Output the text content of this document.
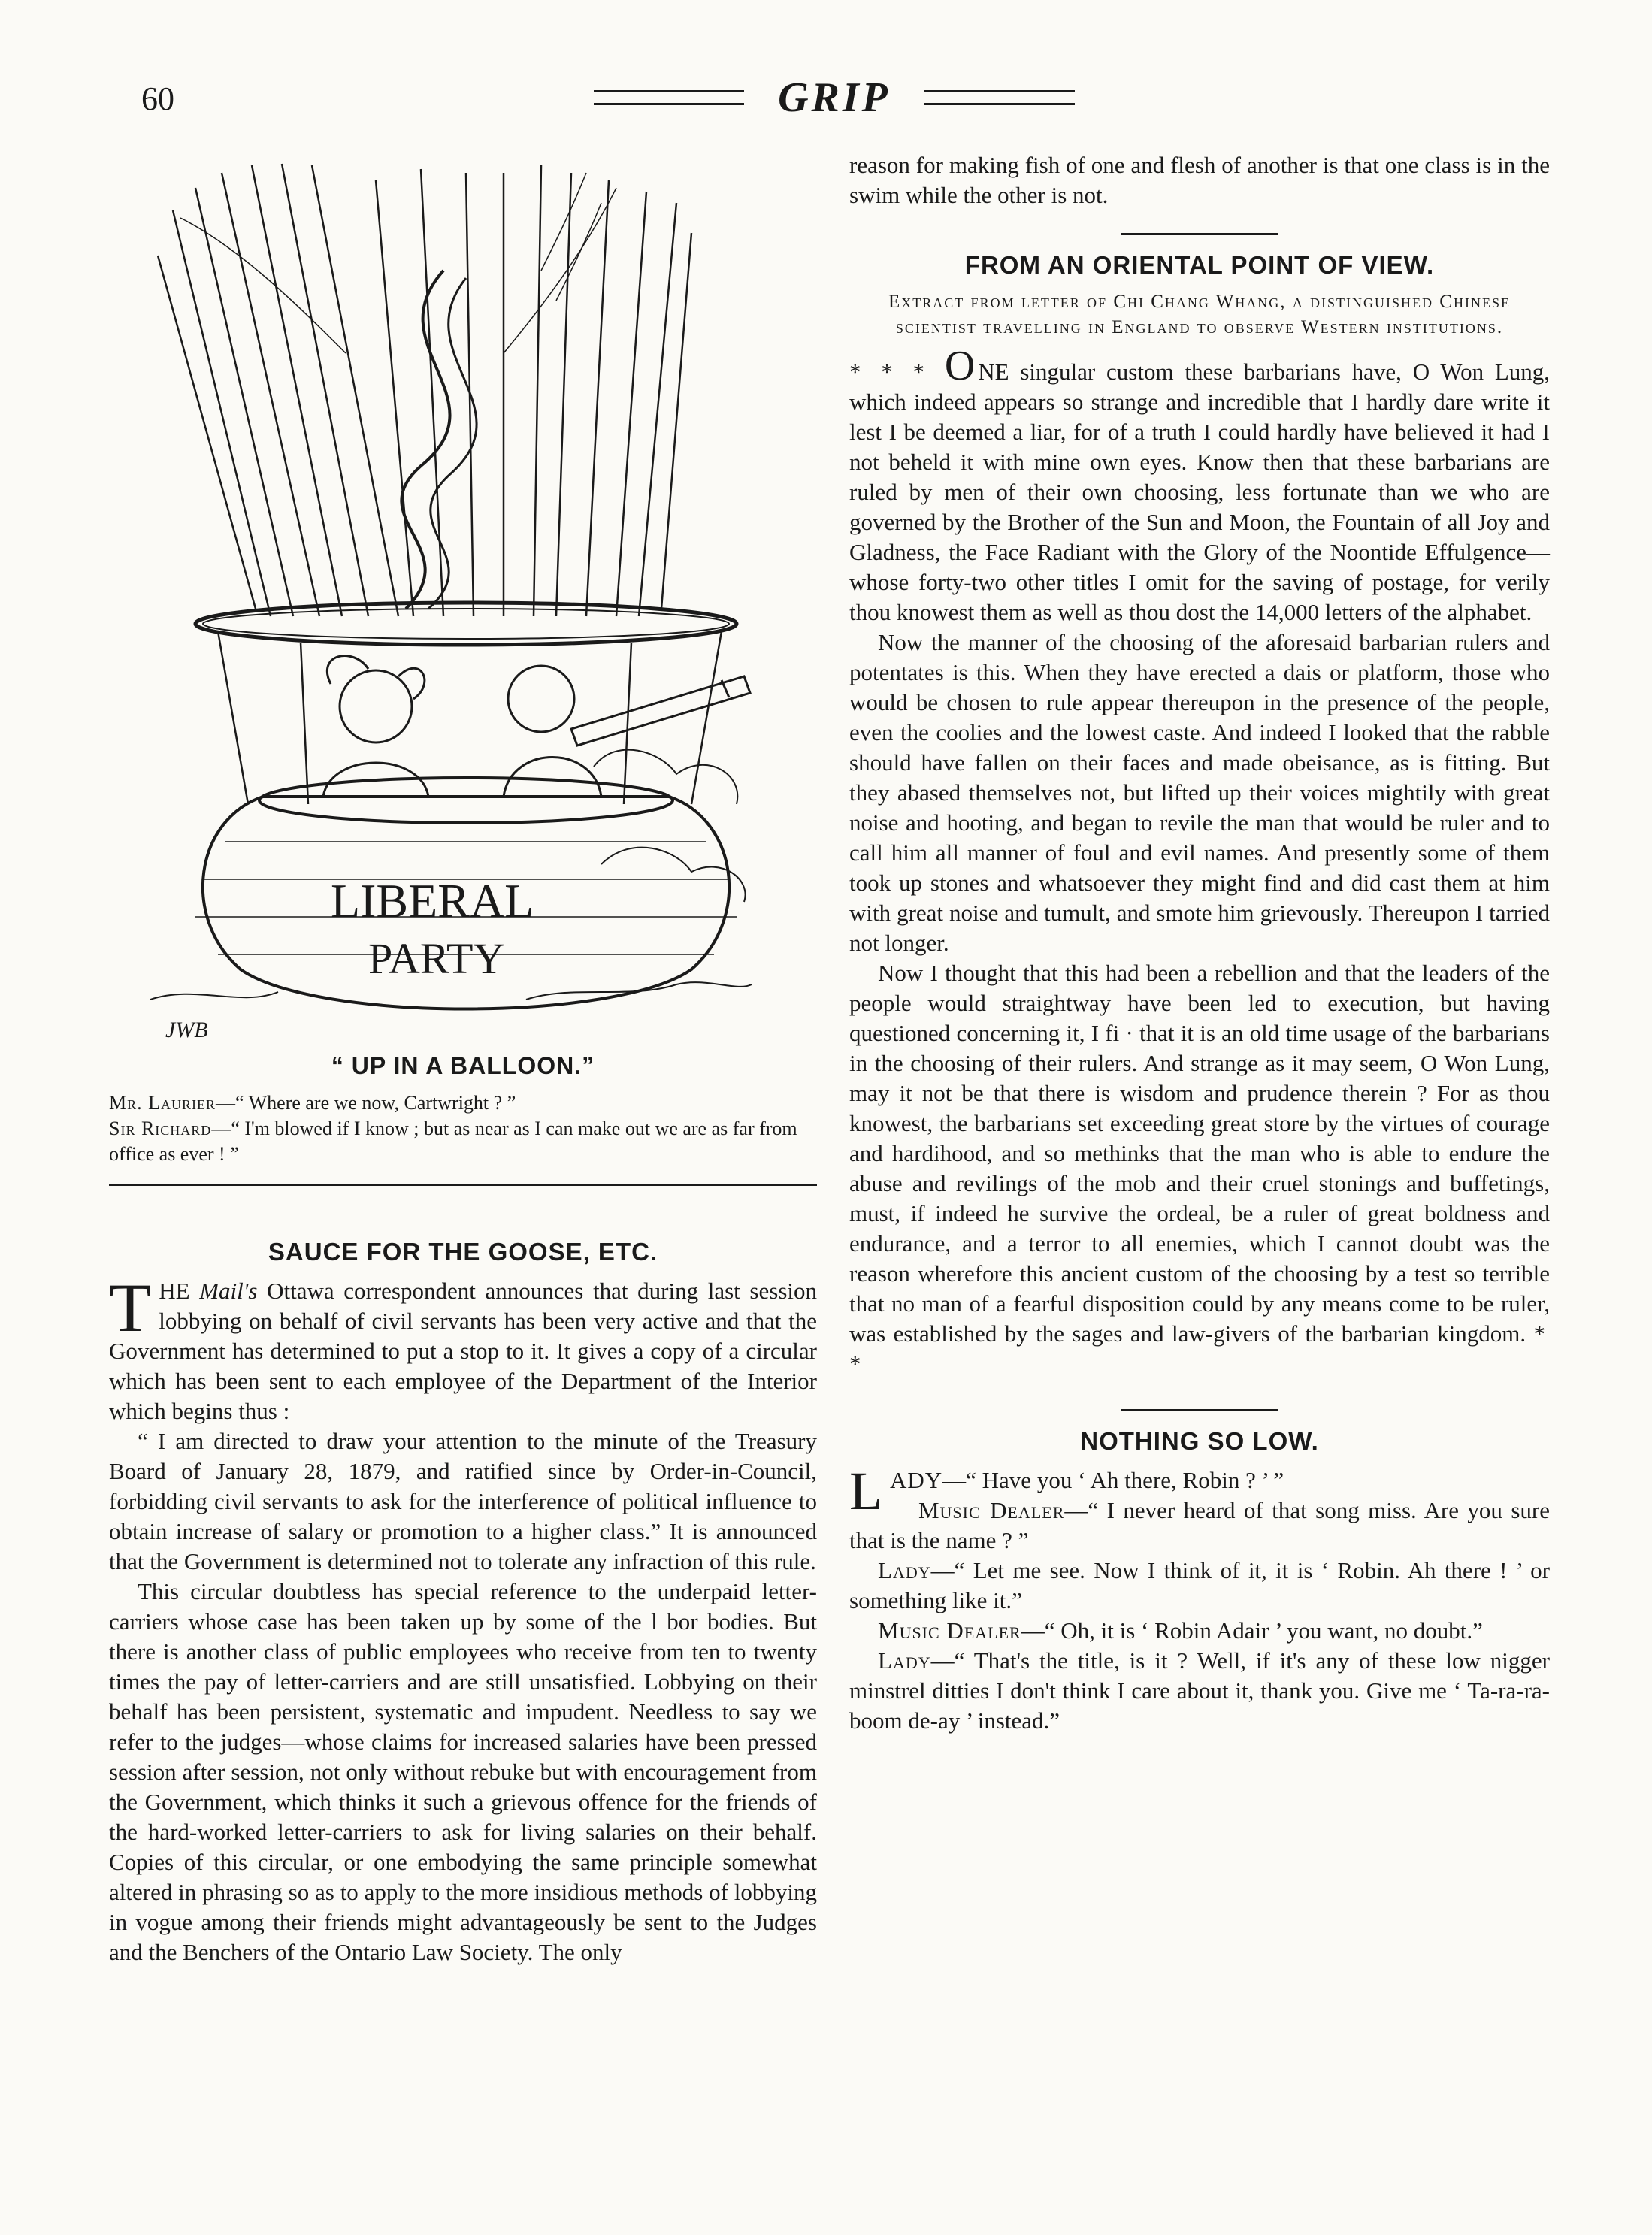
60	GRIP
LIBERAL
PARTY
JWB
“ UP IN A BALLOON.”

Mr. Laurier—“ Where are we now, Cartwright ? ”

Sir Richard—“ I'm blowed if I know ; but as near as I can make out we are as far from office as ever ! ”

SAUCE FOR THE GOOSE, ETC.

THE Mail's Ottawa correspondent announces that during last session lobbying on behalf of civil servants has been very active and that the Government has determined to put a stop to it. It gives a copy of a circular which has been sent to each employee of the Department of the Interior which begins thus :

“ I am directed to draw your attention to the minute of the Treasury Board of January 28, 1879, and ratified since by Order-in-Council, forbidding civil servants to ask for the interference of political influence to obtain increase of salary or promotion to a higher class.” It is announced that the Government is determined not to tolerate any infraction of this rule.

This circular doubtless has special reference to the underpaid letter-carriers whose case has been taken up by some of the l bor bodies. But there is another class of public employees who receive from ten to twenty times the pay of letter-carriers and are still unsatisfied. Lobbying on their behalf has been persistent, systematic and impudent. Needless to say we refer to the judges—whose claims for increased salaries have been pressed session after session, not only without rebuke but with encouragement from the Government, which thinks it such a grievous offence for the friends of the hard-worked letter-carriers to ask for living salaries on their behalf. Copies of this circular, or one embodying the same principle somewhat altered in phrasing so as to apply to the more insidious methods of lobbying in vogue among their friends might advantageously be sent to the Judges and the Benchers of the Ontario Law Society. The only

reason for making fish of one and flesh of another is that one class is in the swim while the other is not.

FROM AN ORIENTAL POINT OF VIEW.
Extract from letter of Chi Chang Whang, a distinguished Chinese scientist travelling in England to observe Western institutions.

* * * O NE singular custom these barbarians have, O Won Lung, which indeed appears so strange and incredible that I hardly dare write it lest I be deemed a liar, for of a truth I could hardly have believed it had I not beheld it with mine own eyes. Know then that these barbarians are ruled by men of their own choosing, less fortunate than we who are governed by the Brother of the Sun and Moon, the Fountain of all Joy and Gladness, the Face Radiant with the Glory of the Noontide Effulgence—whose forty-two other titles I omit for the saving of postage, for verily thou knowest them as well as thou dost the 14,000 letters of the alphabet.

Now the manner of the choosing of the aforesaid barbarian rulers and potentates is this. When they have erected a dais or platform, those who would be chosen to rule appear thereupon in the presence of the people, even the coolies and the lowest caste. And indeed I looked that the rabble should have fallen on their faces and made obeisance, as is fitting. But they abased themselves not, but lifted up their voices mightily with great noise and hooting, and began to revile the man that would be ruler and to call him all manner of foul and evil names. And presently some of them took up stones and whatsoever they might find and did cast them at him with great noise and tumult, and smote him grievously. Thereupon I tarried not longer.

Now I thought that this had been a rebellion and that the leaders of the people would straightway have been led to execution, but having questioned concerning it, I fi · that it is an old time usage of the barbarians in the choosing of their rulers. And strange as it may seem, O Won Lung, may it not be that there is wisdom and prudence therein ? For as thou knowest, the barbarians set exceeding great store by the virtues of courage and hardihood, and so methinks that the man who is able to endure the abuse and revilings of the mob and their cruel stonings and buffetings, must, if indeed he survive the ordeal, be a ruler of great boldness and endurance, and a terror to all enemies, which I cannot doubt was the reason wherefore this ancient custom of the choosing by a test so terrible that no man of a fearful disposition could by any means come to be ruler, was established by the sages and law-givers of the barbarian kingdom. * *

NOTHING SO LOW.

LADY—“ Have you ‘ Ah there, Robin ? ’ ”

Music Dealer—“ I never heard of that song miss. Are you sure that is the name ? ”

Lady—“ Let me see. Now I think of it, it is ‘ Robin. Ah there ! ’ or something like it.”

Music Dealer—“ Oh, it is ‘ Robin Adair ’ you want, no doubt.”

Lady—“ That's the title, is it ? Well, if it's any of these low nigger minstrel ditties I don't think I care about it, thank you. Give me ‘ Ta-ra-ra-boom de-ay ’ instead.”
